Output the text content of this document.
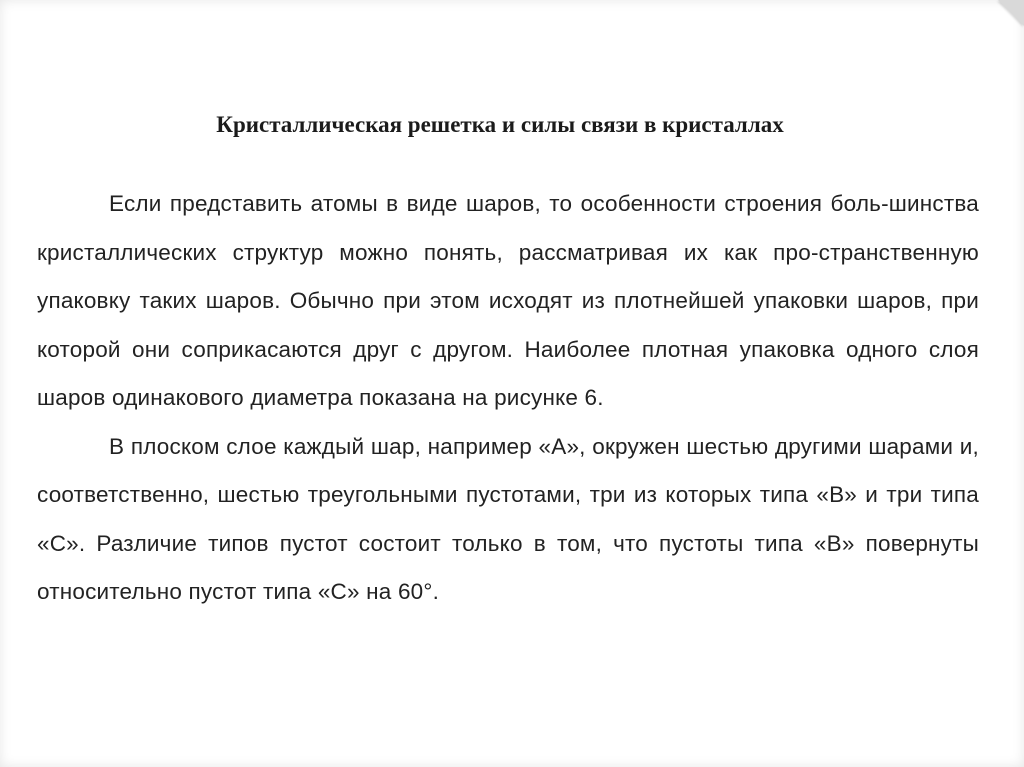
Кристаллическая решетка и силы связи в кристаллах

Если представить атомы в виде шаров, то особенности строения боль-шинства кристаллических структур можно понять, рассматривая их как про-странственную упаковку таких шаров. Обычно при этом исходят из плотнейшей упаковки шаров, при которой они соприкасаются друг с другом. Наиболее плотная упаковка одного слоя шаров одинакового диаметра показана на рисунке 6.

В плоском слое каждый шар, например «А», окружен шестью другими шарами и, соответственно, шестью треугольными пустотами, три из которых типа «В» и три типа «С». Различие типов пустот состоит только в том, что пустоты типа «В» повернуты относительно пустот типа «С» на 60°.
